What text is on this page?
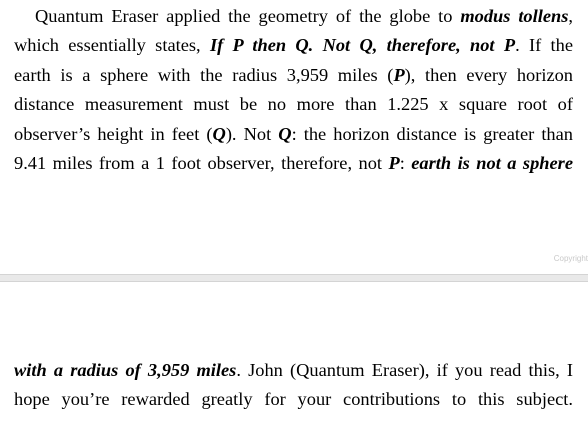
Quantum Eraser applied the geometry of the globe to modus tollens,
which essentially states, If P then Q. Not Q, therefore, not P. If the
earth is a sphere with the radius 3,959 miles (P), then every horizon
distance measurement must be no more than 1.225 x square root of
observer’s height in feet (Q). Not Q: the horizon distance is greater than
9.41 miles from a 1 foot observer, therefore, not P: earth is not a sphere

Copyright

with a radius of 3,959 miles. John (Quantum Eraser), if you read this, I
hope you’re rewarded greatly for your contributions to this subject.
